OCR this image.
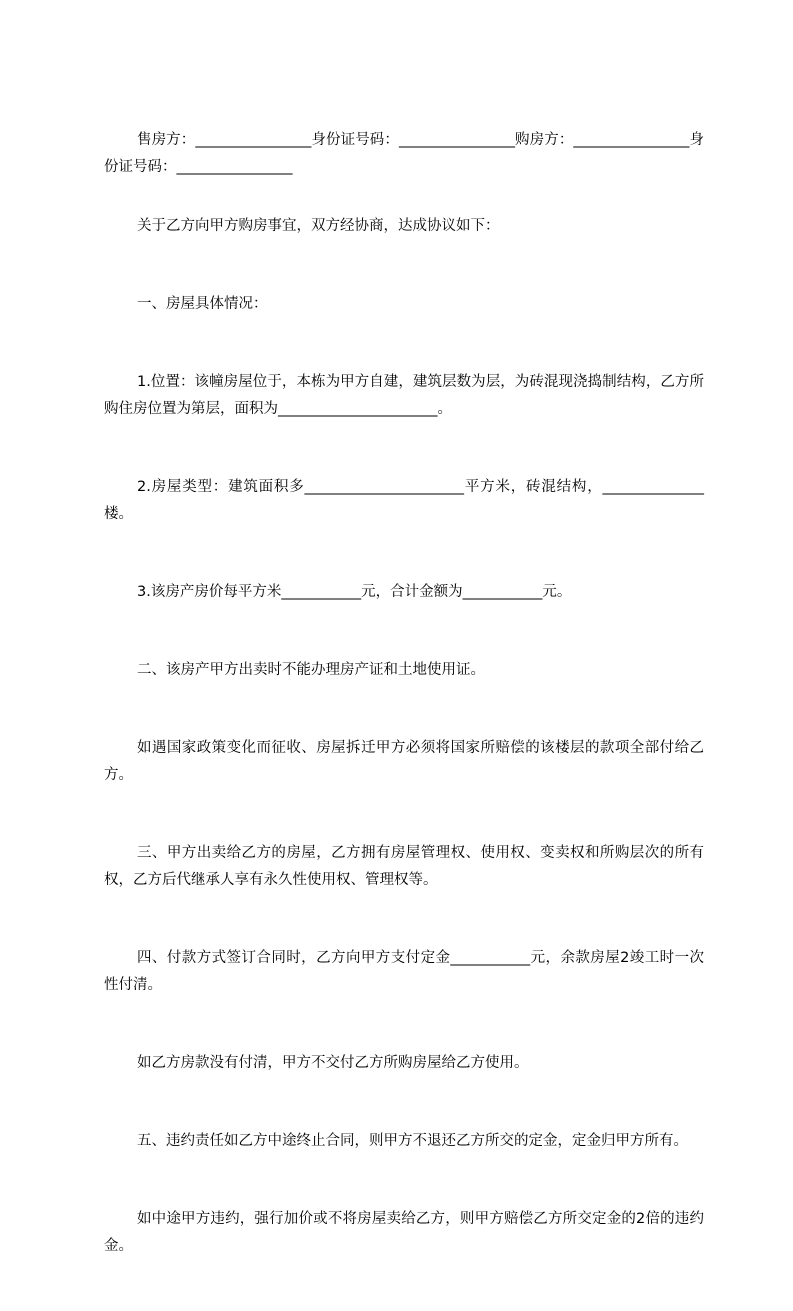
售房方：________________身份证号码：________________购房方：________________身份证号码：________________

关于乙方向甲方购房事宜，双方经协商，达成协议如下：

一、房屋具体情况：

1.位置：该幢房屋位于，本栋为甲方自建，建筑层数为层，为砖混现浇捣制结构，乙方所购住房位置为第层，面积为______________________。

2.房屋类型：建筑面积多______________________平方米，砖混结构，______________楼。

3.该房产房价每平方米___________元，合计金额为___________元。

二、该房产甲方出卖时不能办理房产证和土地使用证。

如遇国家政策变化而征收、房屋拆迁甲方必须将国家所赔偿的该楼层的款项全部付给乙方。

三、甲方出卖给乙方的房屋，乙方拥有房屋管理权、使用权、变卖权和所购层次的所有权，乙方后代继承人享有永久性使用权、管理权等。

四、付款方式签订合同时，乙方向甲方支付定金___________元，余款房屋2竣工时一次性付清。

如乙方房款没有付清，甲方不交付乙方所购房屋给乙方使用。

五、违约责任如乙方中途终止合同，则甲方不退还乙方所交的定金，定金归甲方所有。

如中途甲方违约，强行加价或不将房屋卖给乙方，则甲方赔偿乙方所交定金的2倍的违约金。
